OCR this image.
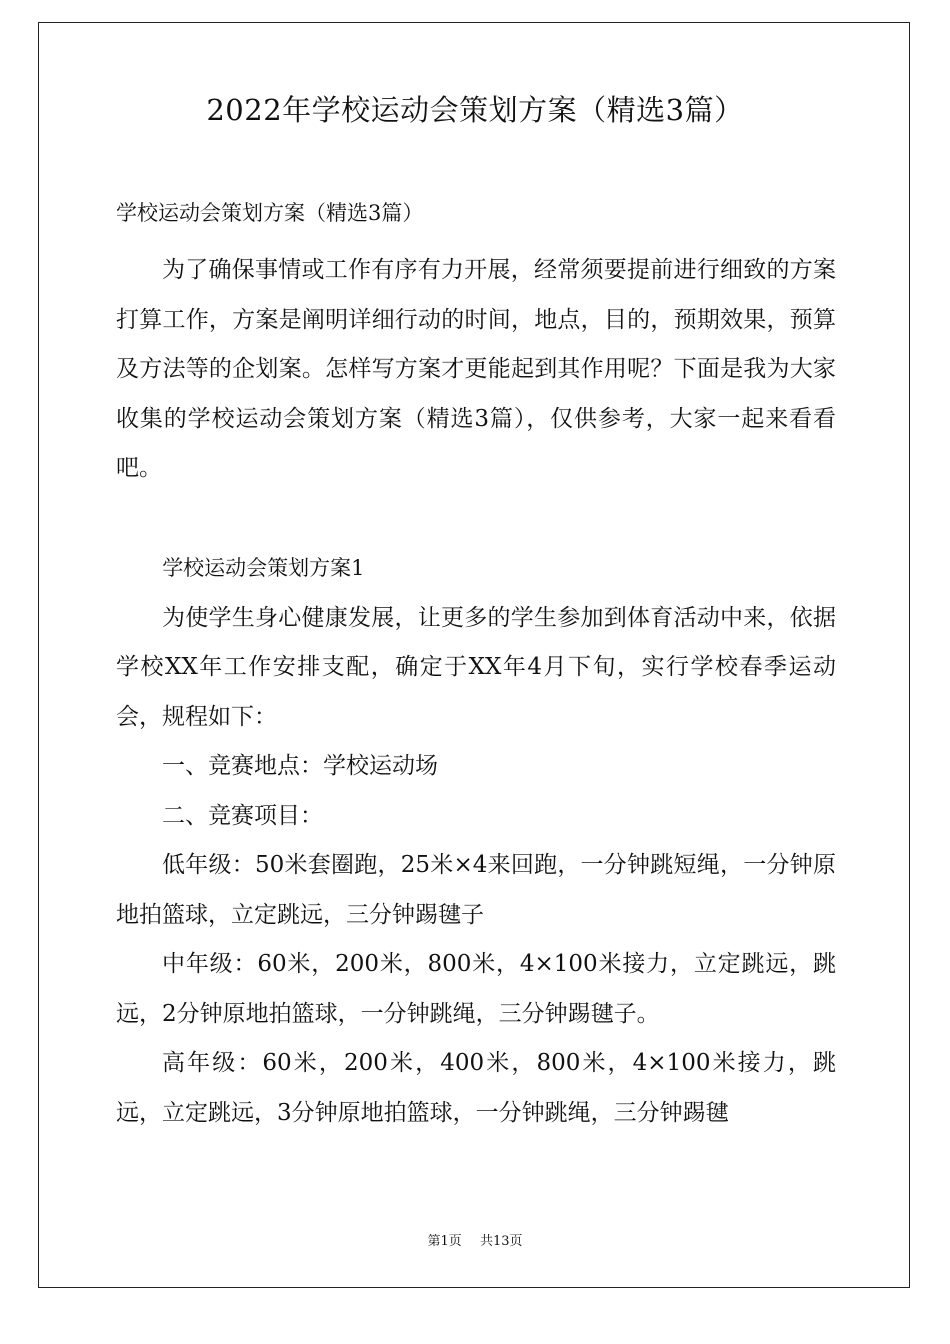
2022年学校运动会策划方案（精选3篇）
学校运动会策划方案（精选3篇）

为了确保事情或工作有序有力开展，经常须要提前进行细致的方案打算工作，方案是阐明详细行动的时间，地点，目的，预期效果，预算及方法等的企划案。怎样写方案才更能起到其作用呢？下面是我为大家收集的学校运动会策划方案（精选3篇），仅供参考，大家一起来看看吧。

学校运动会策划方案1

为使学生身心健康发展，让更多的学生参加到体育活动中来，依据学校XX年工作安排支配，确定于XX年4月下旬，实行学校春季运动会，规程如下：

一、竞赛地点：学校运动场

二、竞赛项目：

低年级：50米套圈跑，25米×4来回跑，一分钟跳短绳，一分钟原地拍篮球，立定跳远，三分钟踢毽子

中年级：60米，200米，800米，4×100米接力，立定跳远，跳远，2分钟原地拍篮球，一分钟跳绳，三分钟踢毽子。

高年级：60米，200米，400米，800米，4×100米接力，跳远，立定跳远，3分钟原地拍篮球，一分钟跳绳，三分钟踢毽

第1页 共13页
